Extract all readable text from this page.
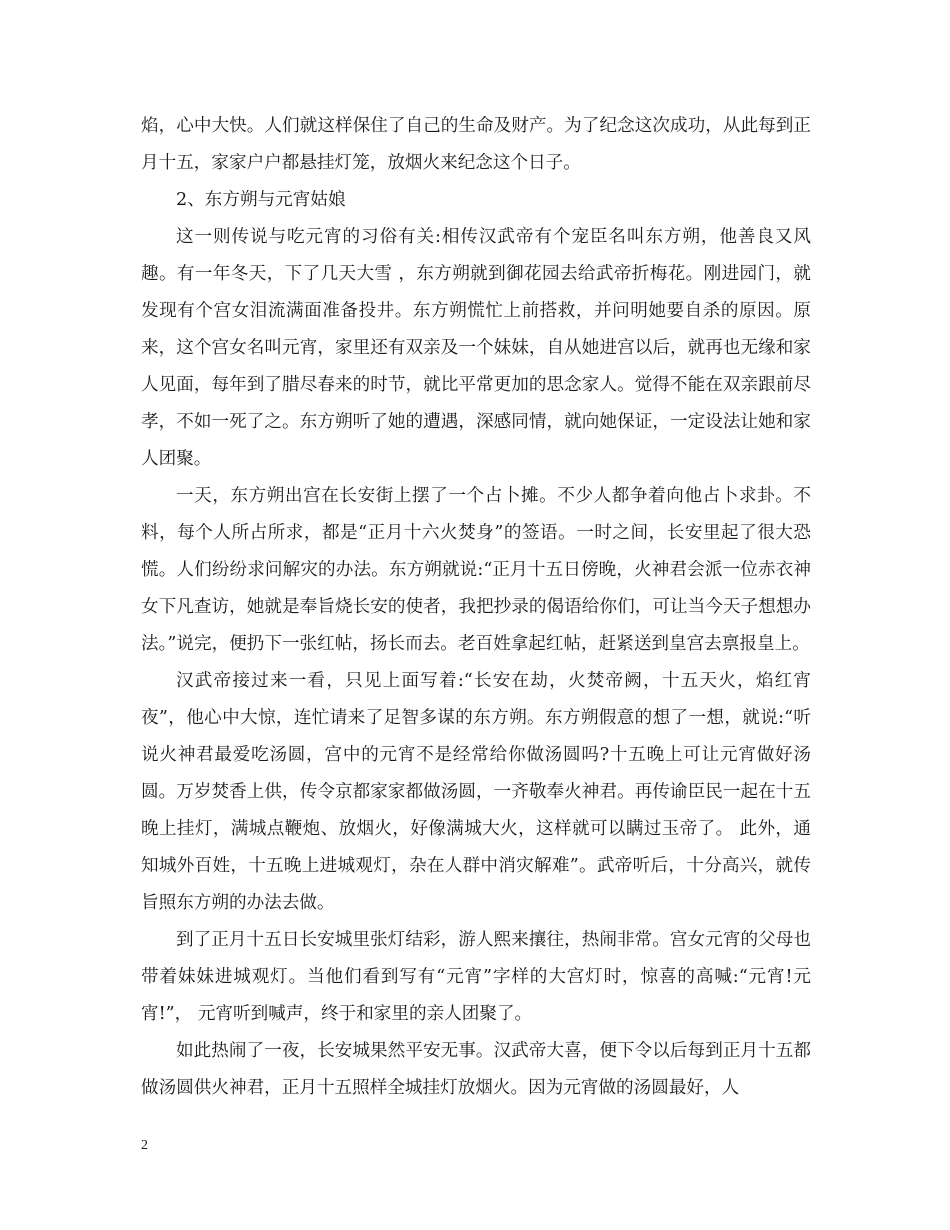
焰，心中大快。人们就这样保住了自己的生命及财产。为了纪念这次成功，从此每到正月十五，家家户户都悬挂灯笼，放烟火来纪念这个日子。

2、东方朔与元宵姑娘

这一则传说与吃元宵的习俗有关:相传汉武帝有个宠臣名叫东方朔，他善良又风趣。有一年冬天，下了几天大雪 ，东方朔就到御花园去给武帝折梅花。刚进园门，就发现有个宫女泪流满面准备投井。东方朔慌忙上前搭救，并问明她要自杀的原因。原来，这个宫女名叫元宵，家里还有双亲及一个妹妹，自从她进宫以后，就再也无缘和家人见面，每年到了腊尽春来的时节，就比平常更加的思念家人。觉得不能在双亲跟前尽孝，不如一死了之。东方朔听了她的遭遇，深感同情，就向她保证，一定设法让她和家人团聚。

一天，东方朔出宫在长安街上摆了一个占卜摊。不少人都争着向他占卜求卦。不料，每个人所占所求，都是“正月十六火焚身”的签语。一时之间，长安里起了很大恐慌。人们纷纷求问解灾的办法。东方朔就说:“正月十五日傍晚，火神君会派一位赤衣神女下凡查访，她就是奉旨烧长安的使者，我把抄录的偈语给你们，可让当今天子想想办法。”说完，便扔下一张红帖，扬长而去。老百姓拿起红帖，赶紧送到皇宫去禀报皇上。

汉武帝接过来一看，只见上面写着:“长安在劫，火焚帝阙，十五天火，焰红宵夜”，他心中大惊，连忙请来了足智多谋的东方朔。东方朔假意的想了一想，就说:“听说火神君最爱吃汤圆，宫中的元宵不是经常给你做汤圆吗?十五晚上可让元宵做好汤圆。万岁焚香上供，传令京都家家都做汤圆，一齐敬奉火神君。再传谕臣民一起在十五晚上挂灯，满城点鞭炮、放烟火，好像满城大火，这样就可以瞒过玉帝了。 此外，通知城外百姓，十五晚上进城观灯，杂在人群中消灾解难”。武帝听后，十分高兴，就传旨照东方朔的办法去做。

到了正月十五日长安城里张灯结彩，游人熙来攘往，热闹非常。宫女元宵的父母也带着妹妹进城观灯。当他们看到写有“元宵”字样的大宫灯时，惊喜的高喊:“元宵!元宵!”， 元宵听到喊声，终于和家里的亲人团聚了。

如此热闹了一夜，长安城果然平安无事。汉武帝大喜，便下令以后每到正月十五都做汤圆供火神君，正月十五照样全城挂灯放烟火。因为元宵做的汤圆最好，人

2
